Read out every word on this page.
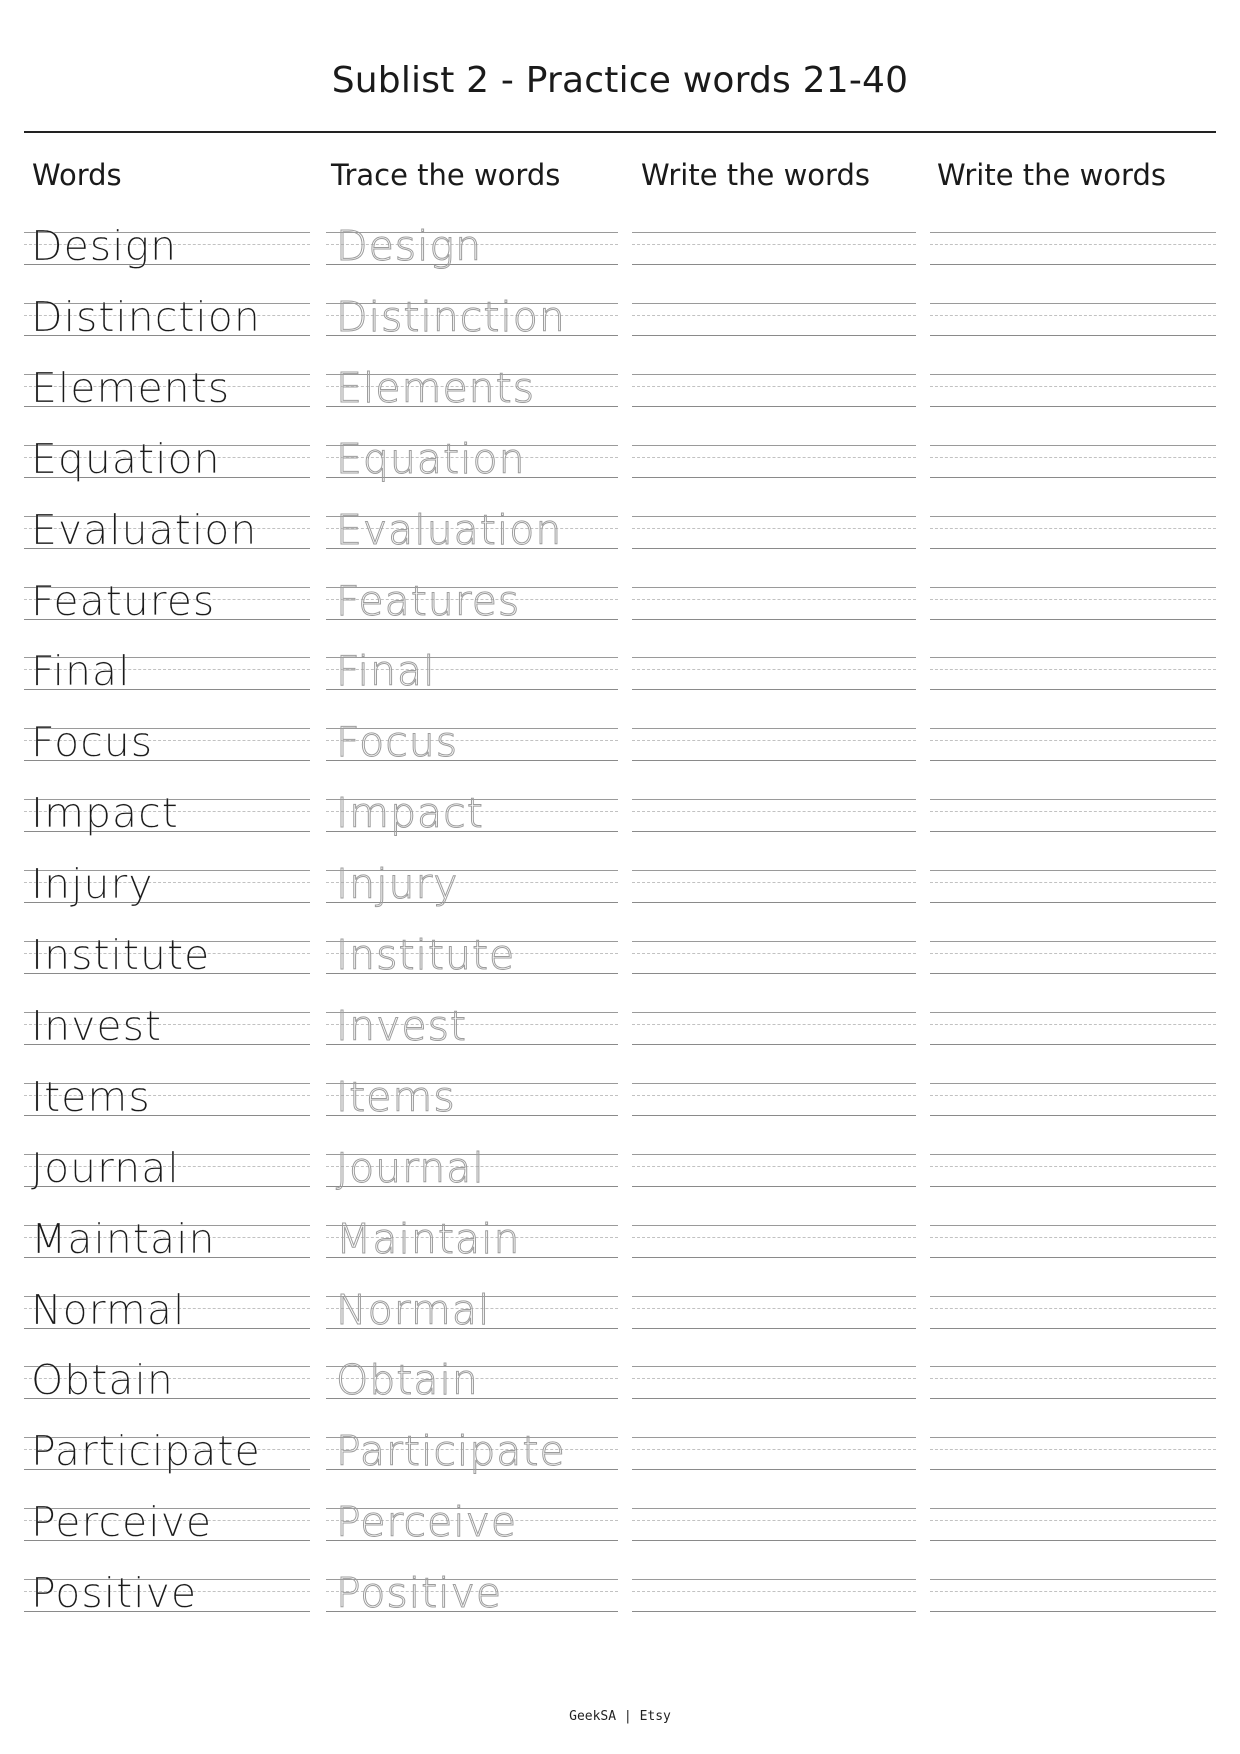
Sublist 2 - Practice words 21-40
Words	Trace the words	Write the words Write the words
Design	Design
Distinction Distinction
Elements	Elements
Equation	Equation
Evaluation Evaluation
Features	Features
Final	Final
Focus	Focus
Impact	Impact
Injury	Injury
Institute	Institute
Invest	Invest
Items	Items
Journal	Journal
Maintain	Maintain
Normal	Normal
Obtain	Obtain
Participate Participate
Perceive	Perceive
Positive	Positive
GeekSA | Etsy
